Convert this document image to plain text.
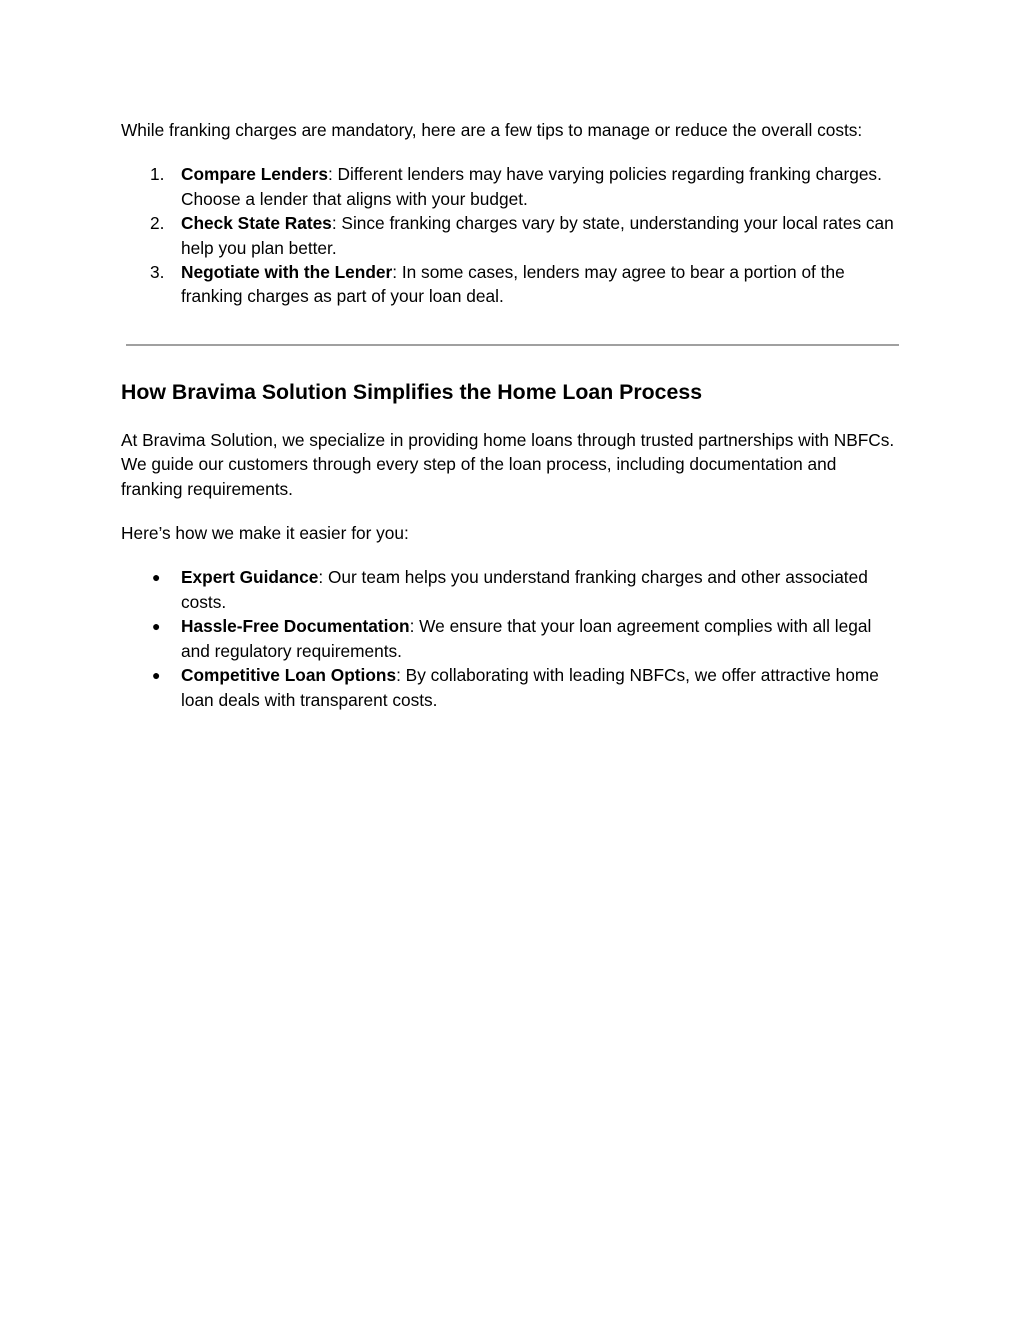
While franking charges are mandatory, here are a few tips to manage or reduce the overall costs:

1. Compare Lenders: Different lenders may have varying policies regarding franking charges. Choose a lender that aligns with your budget.
2. Check State Rates: Since franking charges vary by state, understanding your local rates can help you plan better.
3. Negotiate with the Lender: In some cases, lenders may agree to bear a portion of the franking charges as part of your loan deal.
How Bravima Solution Simplifies the Home Loan Process

At Bravima Solution, we specialize in providing home loans through trusted partnerships with NBFCs. We guide our customers through every step of the loan process, including documentation and franking requirements.

Here’s how we make it easier for you:

● Expert Guidance: Our team helps you understand franking charges and other associated costs.
● Hassle-Free Documentation: We ensure that your loan agreement complies with all legal and regulatory requirements.
● Competitive Loan Options: By collaborating with leading NBFCs, we offer attractive home loan deals with transparent costs.
